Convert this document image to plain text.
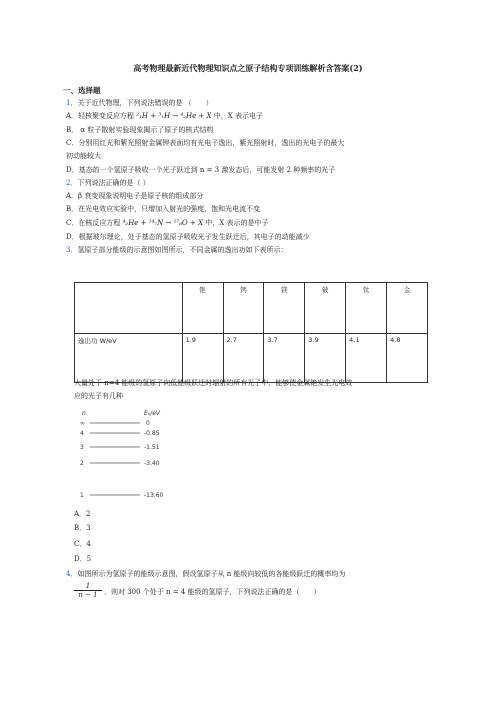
高考物理最新近代物理知识点之原子结构专项训练解析含答案(2)
一、选择题
1．关于近代物理，下列说法错误的是 （　　）
A．轻核聚变反应方程 ²₁H + ³₁H → ⁴₂He + X 中，X 表示电子
B． α 粒子散射实验现象揭示了原子的核式结构
C．分别用红光和紫光照射金属钾表面均有光电子逸出，紫光照射时，逸出的光电子的最大
初动能较大
D．基态的一个氢原子吸收一个光子跃迁到 n = 3 激发态后，可能发射 2 种频率的光子
2．下列说法正确的是（ ）
A．β 衰变现象说明电子是原子核的组成部分
B．在光电效应实验中，只增加入射光的强度，饱和光电流不变
C．在核反应方程 ⁴₂He + ¹⁴₇N → ¹⁷₈O + X 中，X 表示的是中子
D．根据玻尔理论，处于基态的氢原子吸收光子发生跃迁后，其电子的动能减少
3．氢原子部分能级的示意图如图所示，不同金属的逸出功如下表所示：
	铯	钙	镁	铍	钛	金
逸出功 W/eV	1.9	2.7	3.7	3.9	4.1	4.8
大量处于 n=4 能级的氢原子向低能级跃迁时辐射的所有光子中，能够使金属铯发生光电效
应的光子有几种
n	Eₙ/eV
∞	0
4	-0.85
3	-1.51
2	-3.40
1	-13.60
A．2
B．3
C．4
D．5
4．如图所示为氢原子的能级示意图，假设氢原子从 n 能级向较低的各能级跃迁的概率均为
$\frac{1}{n - 1}$ ．则对 300 个处于 n = 4 能级的氢原子，下列说法正确的是（　　）
